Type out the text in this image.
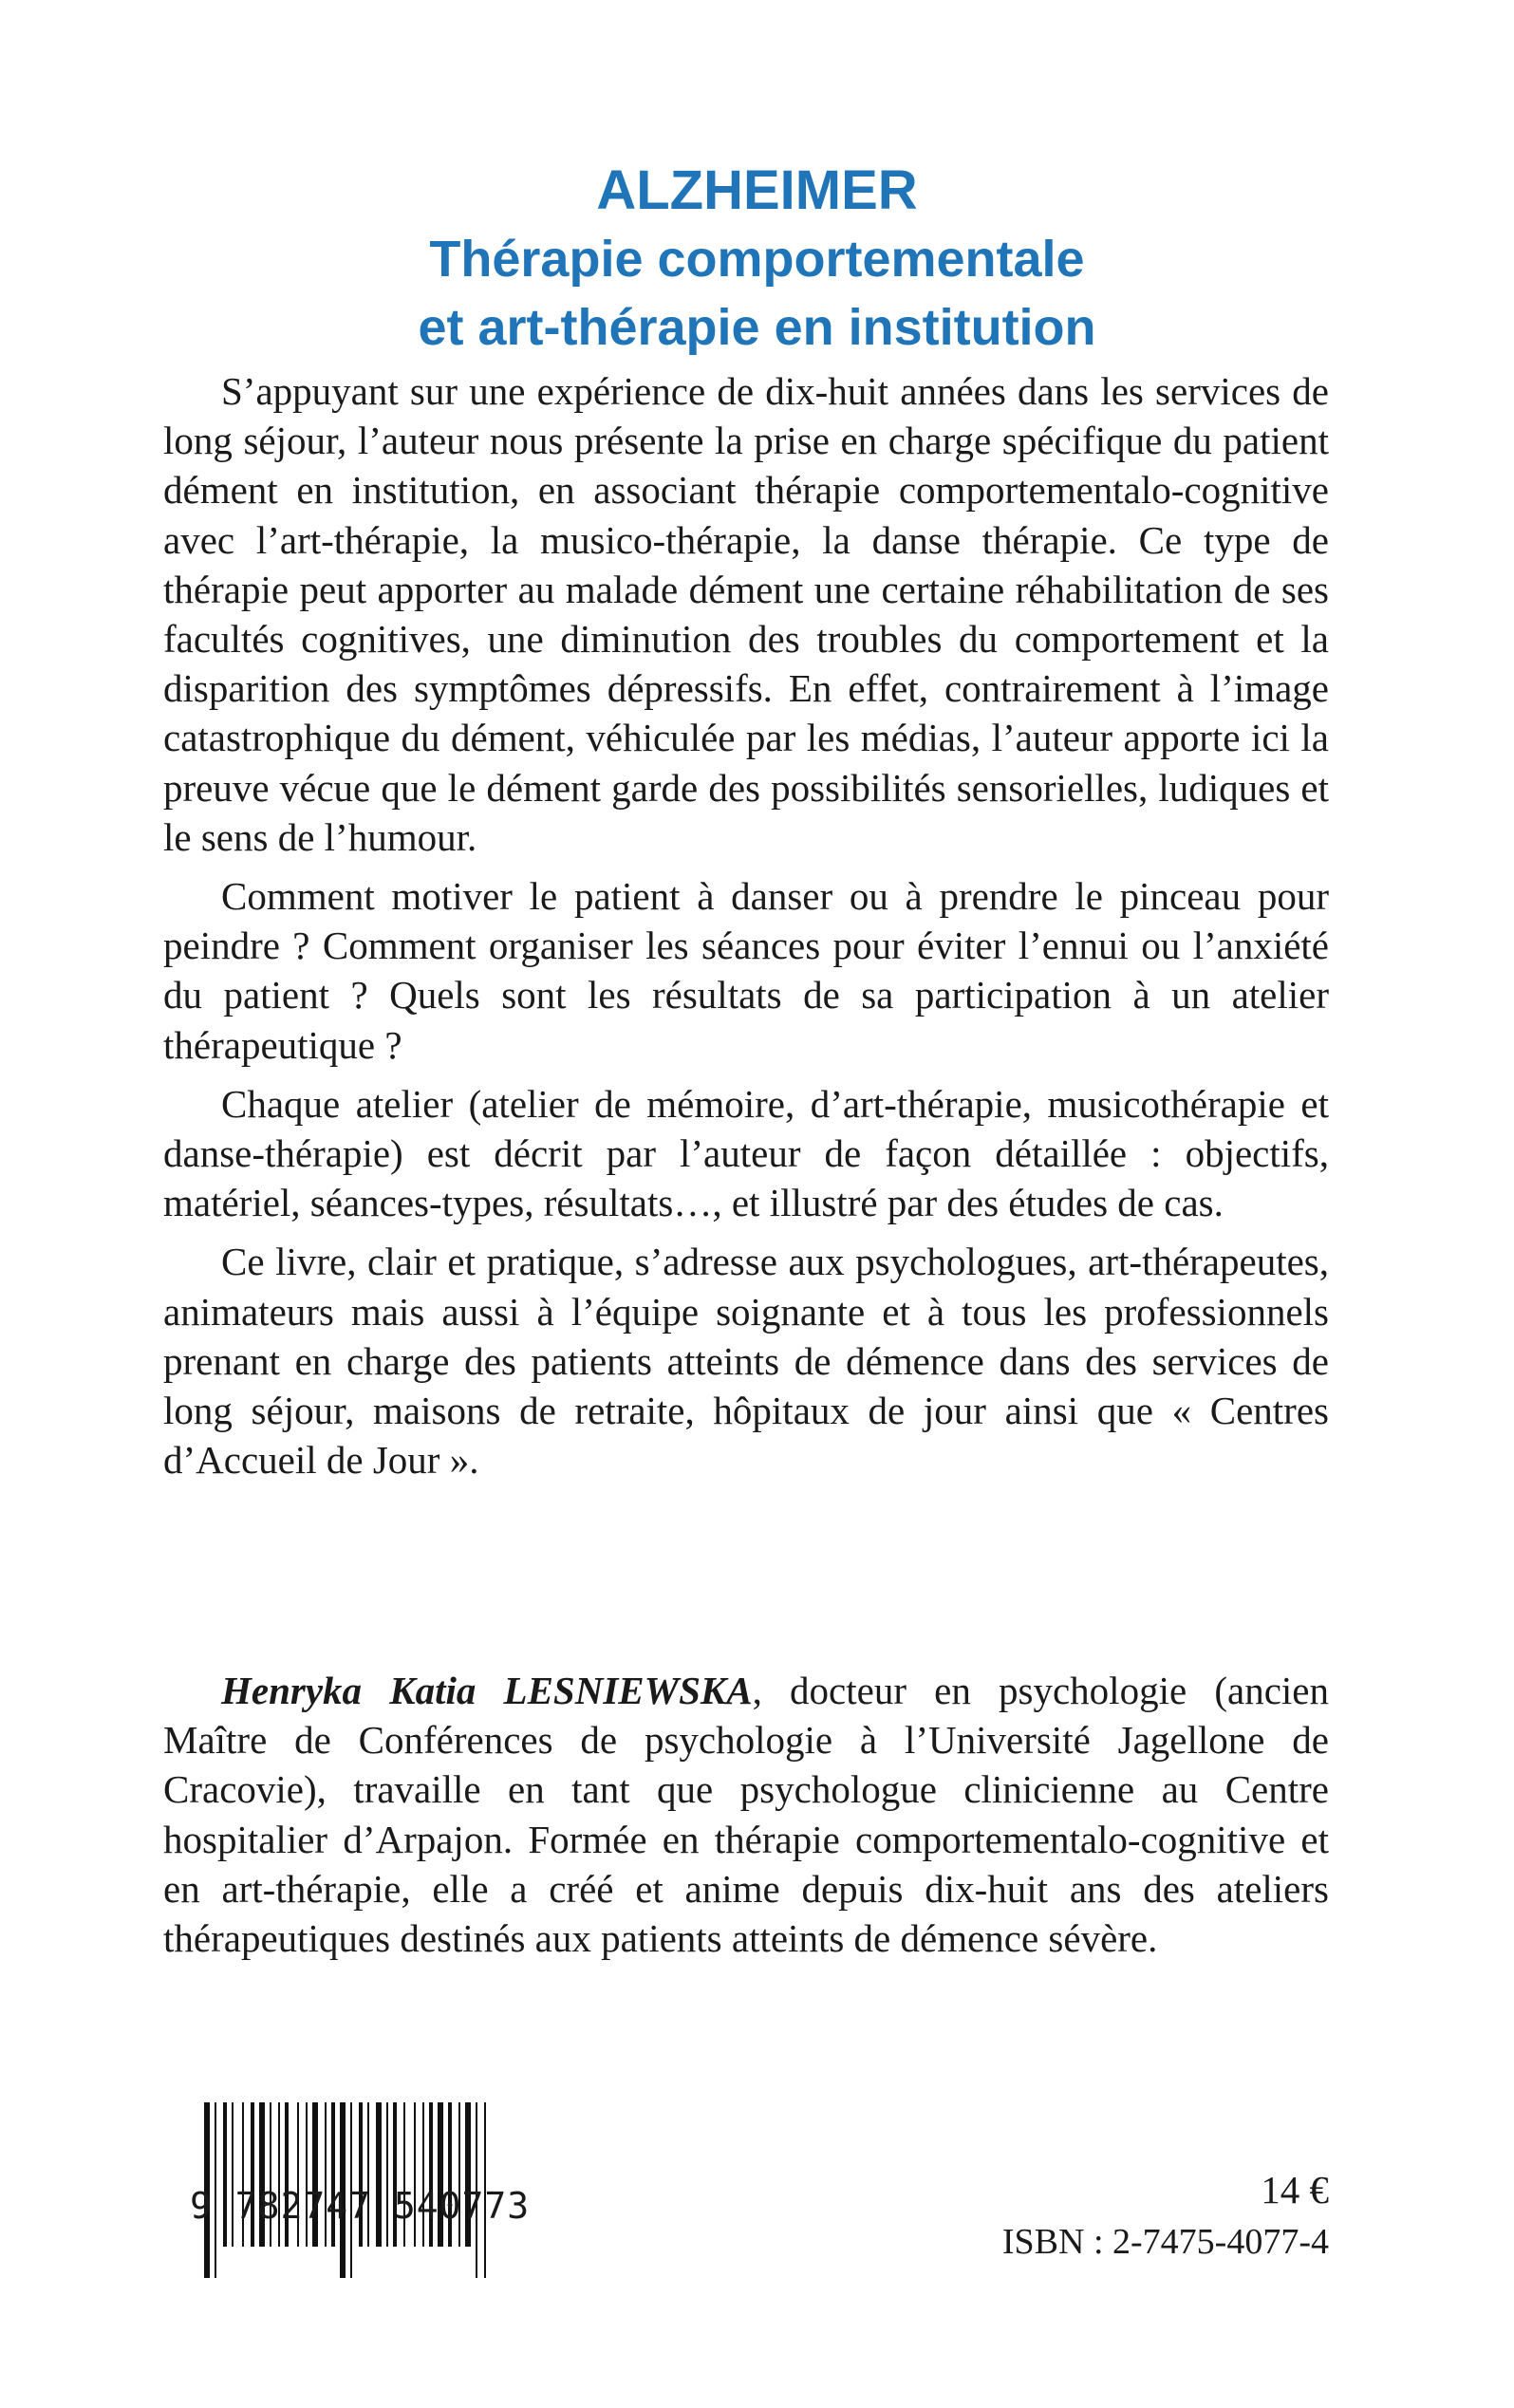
ALZHEIMER
Thérapie comportementale
et art-thérapie en institution

S’appuyant sur une expérience de dix-huit années dans les services de long séjour, l’auteur nous présente la prise en charge spécifique du patient dément en institution, en associant thérapie comportementalo-cognitive avec l’art-thérapie, la musico-thérapie, la danse thérapie. Ce type de thérapie peut apporter au malade dément une certaine réhabilitation de ses facultés cognitives, une diminution des troubles du comportement et la disparition des symptômes dépressifs. En effet, contrairement à l’image catastrophique du dément, véhiculée par les médias, l’auteur apporte ici la preuve vécue que le dément garde des possibilités sensorielles, ludiques et le sens de l’humour.

Comment motiver le patient à danser ou à prendre le pinceau pour peindre ? Comment organiser les séances pour éviter l’ennui ou l’anxiété du patient ? Quels sont les résultats de sa participation à un atelier thérapeutique ?

Chaque atelier (atelier de mémoire, d’art-thérapie, musicothérapie et danse-thérapie) est décrit par l’auteur de façon détaillée : objectifs, matériel, séances-types, résultats…, et illustré par des études de cas.

Ce livre, clair et pratique, s’adresse aux psychologues, art-thérapeutes, animateurs mais aussi à l’équipe soignante et à tous les professionnels prenant en charge des patients atteints de démence dans des services de long séjour, maisons de retraite, hôpitaux de jour ainsi que « Centres d’Accueil de Jour ».

Henryka Katia LESNIEWSKA, docteur en psychologie (ancien Maître de Conférences de psychologie à l’Université Jagellone de Cracovie), travaille en tant que psychologue clinicienne au Centre hospitalier d’Arpajon. Formée en thérapie comportementalo-cognitive et en art-thérapie, elle a créé et anime depuis dix-huit ans des ateliers thérapeutiques destinés aux patients atteints de démence sévère.

9 782747 540773	14 €
ISBN : 2-7475-4077-4
